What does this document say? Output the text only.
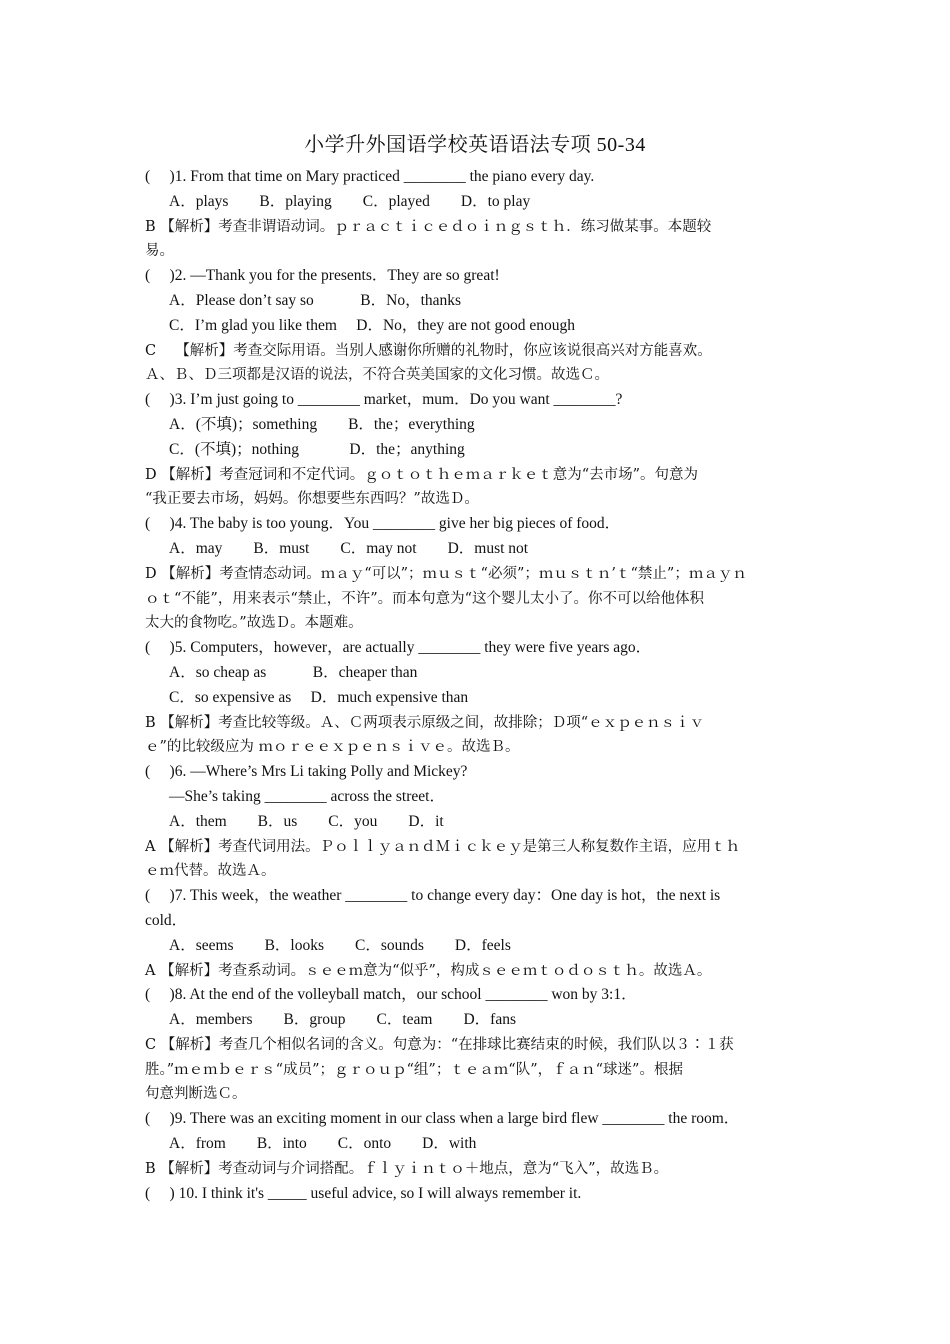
小学升外国语学校英语语法专项 50-34
(　 )1. From that time on Mary practiced ________ the piano every day.
A．plays　　B．playing　　C．played　　D．to play
B 【解析】考查非谓语动词。ｐｒａｃｔｉｃｅｄｏｉｎｇｓｔｈ．练习做某事。本题较
易。
(　 )2. —Thank you for the presents．They are so great!
A．Please don’t say so　　　B．No，thanks
C．I’m glad you like them　 D．No，they are not good enough
C　 【解析】考查交际用语。当别人感谢你所赠的礼物时，你应该说很高兴对方能喜欢。
Ａ、Ｂ、Ｄ三项都是汉语的说法，不符合英美国家的文化习惯。故选Ｃ。
(　 )3. I’m just going to ________ market，mum．Do you want ________?
A．(不填)；something　　B．the；everything
C．(不填)；nothing　　　 D．the；anything
D 【解析】考查冠词和不定代词。ｇｏｔｏｔｈｅｍａｒｋｅｔ意为“去市场”。句意为
“我正要去市场，妈妈。你想要些东西吗？”故选Ｄ。
(　 )4. The baby is too young．You ________ give her big pieces of food．
A．may　　B．must　　C．may not　　D．must not
D 【解析】考查情态动词。ｍａｙ“可以”；ｍｕｓｔ“必须”；ｍｕｓｔｎ’ｔ“禁止”；ｍａｙｎ
ｏｔ“不能”，用来表示“禁止，不许”。而本句意为“这个婴儿太小了。你不可以给他体积
太大的食物吃。”故选Ｄ。本题难。
(　 )5. Computers，however，are actually ________ they were five years ago．
A．so cheap as　　　B．cheaper than
C．so expensive as　 D．much expensive than
B 【解析】考查比较等级。Ａ、Ｃ两项表示原级之间，故排除；Ｄ项“ｅｘｐｅｎｓｉｖ
ｅ”的比较级应为 ｍｏｒｅｅｘｐｅｎｓｉｖｅ。故选Ｂ。
(　 )6. —Where’s Mrs Li taking Polly and Mickey?
—She’s taking ________ across the street．
A．them　　B．us　　C．you　　D．it
A 【解析】考查代词用法。ＰｏｌｌｙａｎｄＭｉｃｋｅｙ是第三人称复数作主语，应用ｔｈ
ｅｍ代替。故选Ａ。
(　 )7. This week，the weather ________ to change every day：One day is hot，the next is
cold．
A．seems　　B．looks　　C．sounds　　D．feels
A 【解析】考查系动词。ｓｅｅｍ意为“似乎”，构成ｓｅｅｍｔｏｄｏｓｔｈ。故选Ａ。
(　 )8. At the end of the volleyball match，our school ________ won by 3:1．
A．members　　B．group　　C．team　　D．fans
C 【解析】考查几个相似名词的含义。句意为：“在排球比赛结束的时候，我们队以３∶１获
胜。”ｍｅｍｂｅｒｓ“成员”；ｇｒｏｕｐ“组”；ｔｅａｍ“队”，ｆａｎ“球迷”。根据
句意判断选Ｃ。
(　 )9. There was an exciting moment in our class when a large bird flew ________ the room．
A．from　　B．into　　C．onto　　D．with
B 【解析】考查动词与介词搭配。ｆｌｙｉｎｔｏ＋地点，意为“飞入”，故选Ｂ。
(　 ) 10. I think it's _____ useful advice, so I will always remember it.
